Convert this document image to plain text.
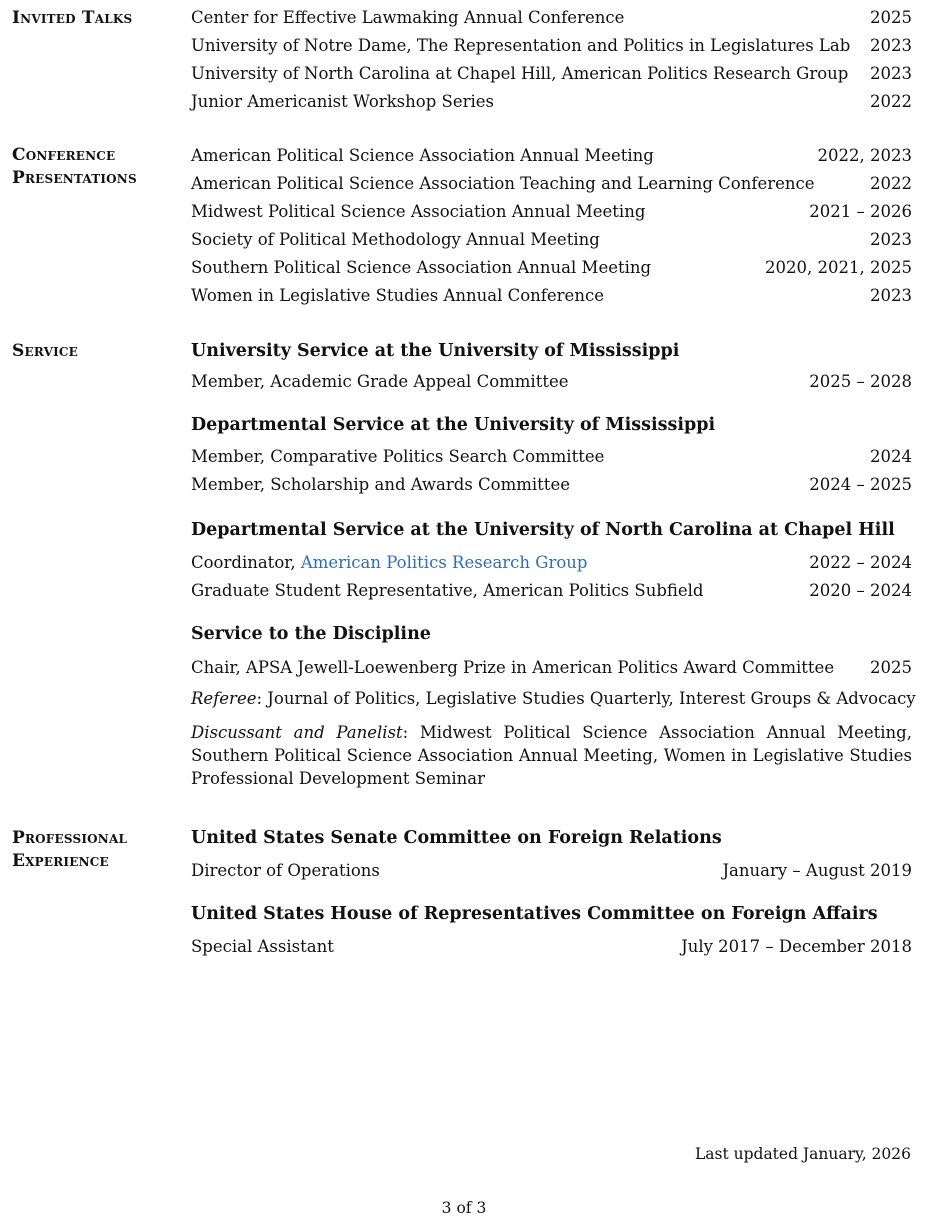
Invited Talks	Center for Effective Lawmaking Annual Conference	2025
University of Notre Dame, The Representation and Politics in Legislatures Lab 2023
University of North Carolina at Chapel Hill, American Politics Research Group 2023
Junior Americanist Workshop Series	2022
Conference
Presentations
American Political Science Association Annual Meeting	2022, 2023
American Political Science Association Teaching and Learning Conference	2022
Midwest Political Science Association Annual Meeting	2021 – 2026
Society of Political Methodology Annual Meeting	2023
Southern Political Science Association Annual Meeting	2020, 2021, 2025
Women in Legislative Studies Annual Conference	2023
Service	University Service at the University of Mississippi
Member, Academic Grade Appeal Committee	2025 – 2028
Departmental Service at the University of Mississippi
Member, Comparative Politics Search Committee	2024
Member, Scholarship and Awards Committee	2024 – 2025
Departmental Service at the University of North Carolina at Chapel Hill
Coordinator, American Politics Research Group	2022 – 2024
Graduate Student Representative, American Politics Subfield	2020 – 2024
Service to the Discipline
Chair, APSA Jewell-Loewenberg Prize in American Politics Award Committee 2025
Referee: Journal of Politics, Legislative Studies Quarterly, Interest Groups & Advocacy
Discussant and Panelist: Midwest Political Science Association Annual Meeting, Southern Political Science Association Annual Meeting, Women in Legislative Studies Professional Development Seminar
Professional
Experience
United States Senate Committee on Foreign Relations
Director of Operations	January – August 2019
United States House of Representatives Committee on Foreign Affairs
Special Assistant	July 2017 – December 2018
Last updated January, 2026
3 of 3
